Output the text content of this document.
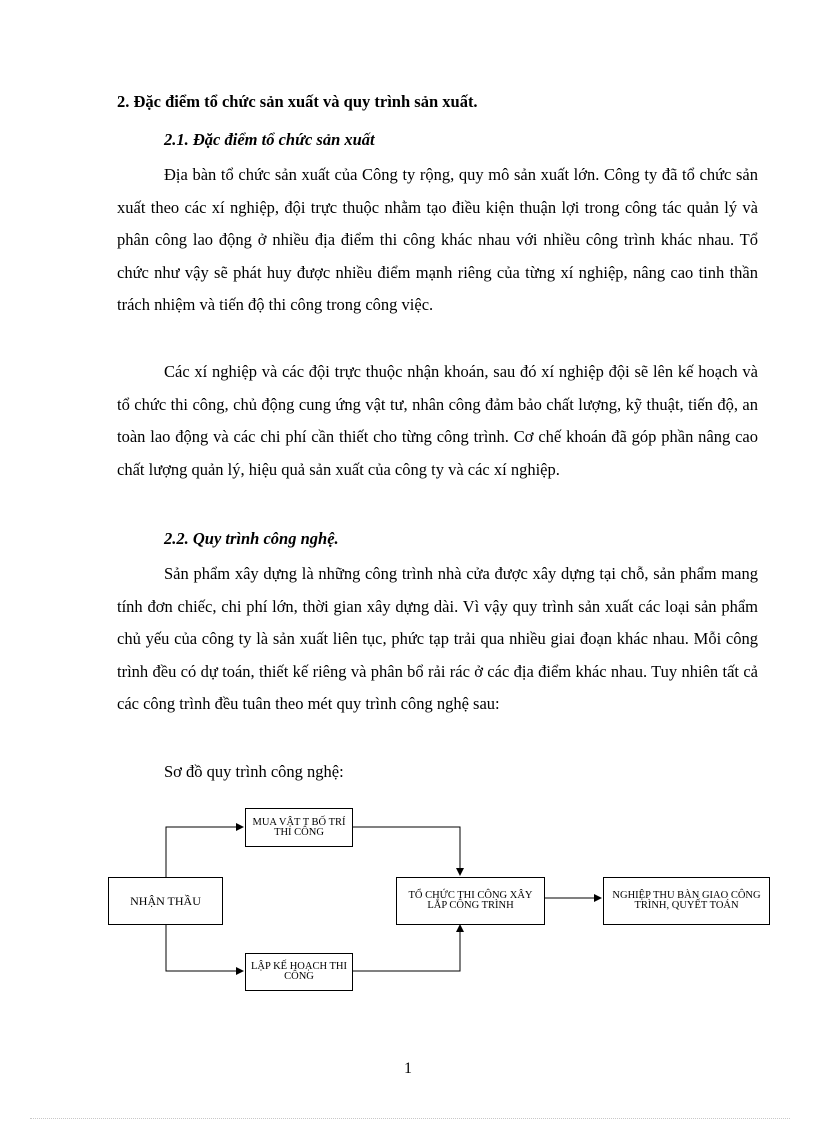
2. Đặc điểm tổ chức sản xuất và quy trình sản xuất.
2.1. Đặc điểm tổ chức sản xuất

Địa bàn tổ chức sản xuất của Công ty rộng, quy mô sản xuất lớn. Công ty đã tổ chức sản xuất theo các xí nghiệp, đội trực thuộc nhằm tạo điều kiện thuận lợi trong công tác quản lý và phân công lao động ở nhiều địa điểm thi công khác nhau với nhiều công trình khác nhau. Tổ chức như vậy sẽ phát huy được nhiều điểm mạnh riêng của từng xí nghiệp, nâng cao tinh thần trách nhiệm và tiến độ thi công trong công việc.

Các xí nghiệp và các đội trực thuộc nhận khoán, sau đó xí nghiệp đội sẽ lên kế hoạch và tổ chức thi công, chủ động cung ứng vật tư, nhân công đảm bảo chất lượng, kỹ thuật, tiến độ, an toàn lao động và các chi phí cần thiết cho từng công trình. Cơ chế khoán đã góp phần nâng cao chất lượng quản lý, hiệu quả sản xuất của công ty và các xí nghiệp.

2.2. Quy trình công nghệ.

Sản phẩm xây dựng là những công trình nhà cửa được xây dựng tại chỗ, sản phẩm mang tính đơn chiếc, chi phí lớn, thời gian xây dựng dài. Vì vậy quy trình sản xuất các loại sản phẩm chủ yếu của công ty là sản xuất liên tục, phức tạp trải qua nhiều giai đoạn khác nhau. Mỗi công trình đều có dự toán, thiết kế riêng và phân bổ rải rác ở các địa điểm khác nhau. Tuy nhiên tất cả các công trình đều tuân theo mét quy trình công nghệ sau:

Sơ đồ quy trình công nghệ:
NHẬN THẦU
MUA VẬT T BỐ TRÍ THI CÔNG
LẬP KẾ HOẠCH THI CÔNG
TỔ CHỨC THI CÔNG XÂY LẮP CÔNG TRÌNH
NGHIỆP THU BÀN GIAO CÔNG TRÌNH, QUYẾT TOÁN
1
